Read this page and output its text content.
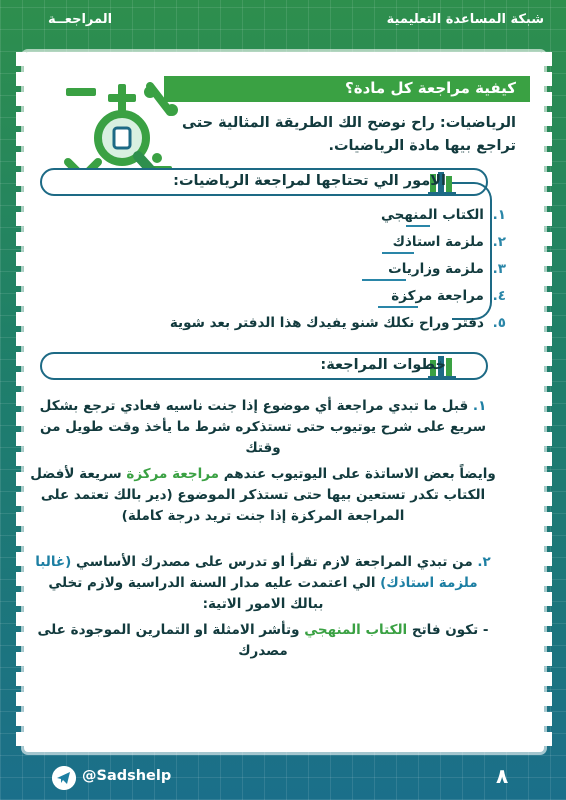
شبكة المساعدة التعليمية
المراجعــة
كيفية مراجعة كل مادة؟

الرياضيات: راح نوضح الك الطريقة المثالية حتى تراجع بيها مادة الرياضيات.

الامور الي تحتاجها لمراجعة الرياضيات:
١. الكتاب المنهجي
٢. ملزمة استاذك
٣. ملزمة وزاريات
٤. مراجعة مركزة
٥. دفتر وراح نكلك شنو يفيدك هذا الدفتر بعد شوية
خطوات المراجعة:

١. قبل ما تبدي مراجعة أي موضوع إذا جنت ناسيه فعادي ترجع بشكل سريع على شرح يوتيوب حتى تستذكره شرط ما يأخذ وقت طويل من وقتك

وايضاً بعض الاساتذة على اليوتيوب عندهم مراجعة مركزة سريعة لأفضل الكتاب تكدر تستعين بيها حتى تستذكر الموضوع (دير بالك تعتمد على المراجعة المركزة إذا جنت تريد درجة كاملة)

٢. من تبدي المراجعة لازم تقرأ او تدرس على مصدرك الأساسي (غالبا ملزمة استاذك) الي اعتمدت عليه مدار السنة الدراسية ولازم تخلي ببالك الامور الاتية:

- تكون فاتح الكتاب المنهجي وتأشر الامثلة او التمارين الموجودة على مصدرك

@Sadshelp	٨
